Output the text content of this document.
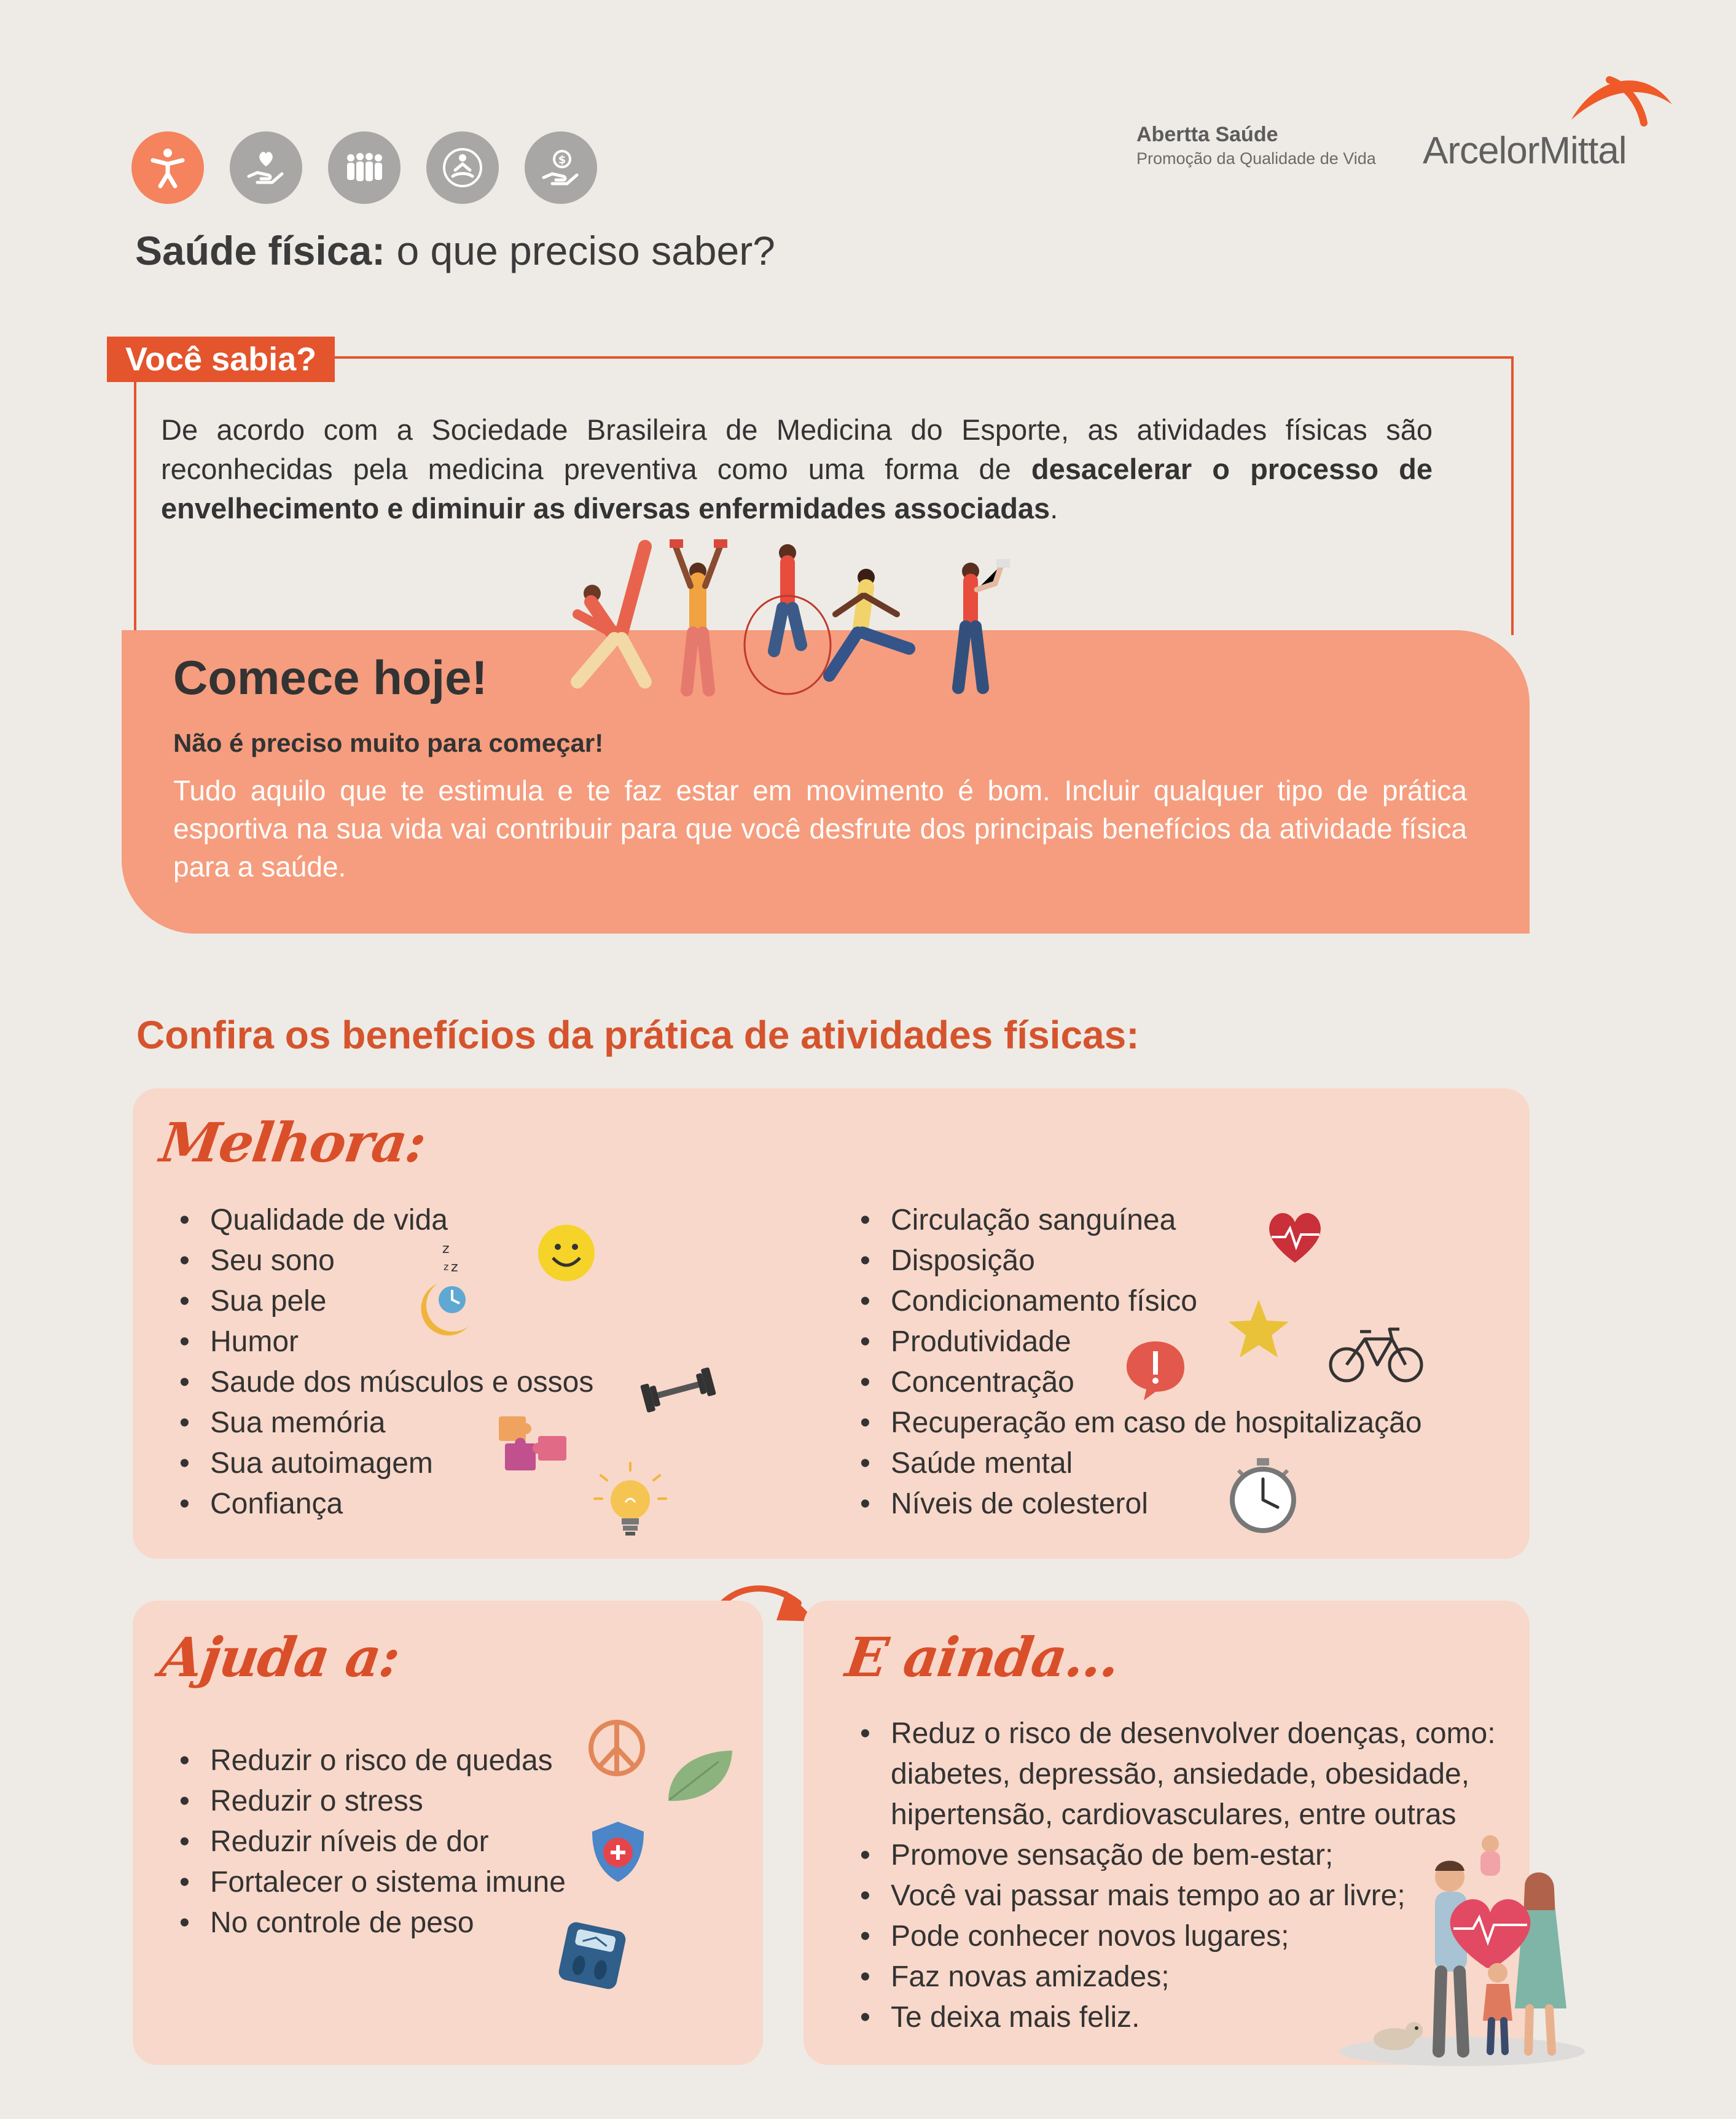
$
Abertta Saúde
Promoção da Qualidade de Vida ArcelorMittal
Saúde física: o que preciso saber?
Você sabia?
De acordo com a Sociedade Brasileira de Medicina do Esporte, as atividades físicas são reconhecidas pela medicina preventiva como uma forma de desacelerar o processo de envelhecimento e diminuir as diversas enfermidades associadas.
Comece hoje!
Não é preciso muito para começar!
Tudo aquilo que te estimula e te faz estar em movimento é bom. Incluir qualquer tipo de prática esportiva na sua vida vai contribuir para que você desfrute dos principais benefícios da atividade física para a saúde.
Confira os benefícios da prática de atividades físicas:
Melhora:
• Qualidade de vida
• Seu sono
• Sua pele
• Humor
• Saude dos músculos e ossos
• Sua memória
• Sua autoimagem
• Confiança
• Circulação sanguínea
• Disposição
• Condicionamento físico
• Produtividade
• Concentração
• Recuperação em caso de hospitalização
• Saúde mental
• Níveis de colesterol
z
z
z
Ajuda a:
• Reduzir o risco de quedas
• Reduzir o stress
• Reduzir níveis de dor
• Fortalecer o sistema imune
• No controle de peso
E ainda...
• Reduz o risco de desenvolver doenças, como: diabetes, depressão, ansiedade, obesidade, hipertensão, cardiovasculares, entre outras
• Promove sensação de bem-estar;
• Você vai passar mais tempo ao ar livre;
• Pode conhecer novos lugares;
• Faz novas amizades;
• Te deixa mais feliz.
